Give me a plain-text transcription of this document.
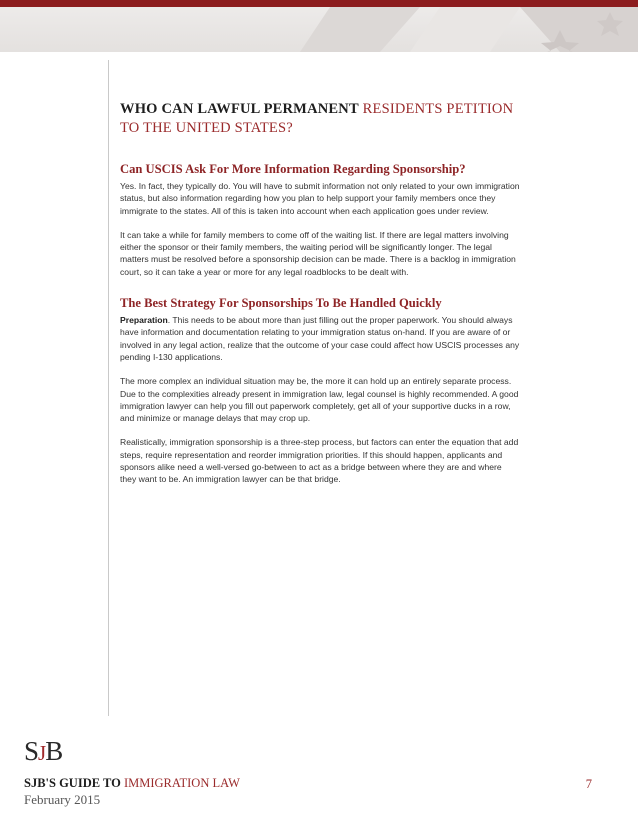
WHO CAN LAWFUL PERMANENT RESIDENTS PETITION TO THE UNITED STATES?
Can USCIS Ask For More Information Regarding Sponsorship?

Yes. In fact, they typically do. You will have to submit information not only related to your own immigration status, but also information regarding how you plan to help support your family members once they immigrate to the states. All of this is taken into account when each application goes under review.

It can take a while for family members to come off of the waiting list. If there are legal matters involving either the sponsor or their family members, the waiting period will be significantly longer. The legal matters must be resolved before a sponsorship decision can be made. There is a backlog in immigration court, so it can take a year or more for any legal roadblocks to be dealt with.

The Best Strategy For Sponsorships To Be Handled Quickly

Preparation. This needs to be about more than just filling out the proper paperwork. You should always have information and documentation relating to your immigration status on-hand. If you are aware of or involved in any legal action, realize that the outcome of your case could affect how USCIS processes any pending I-130 applications.

The more complex an individual situation may be, the more it can hold up an entirely separate process. Due to the complexities already present in immigration law, legal counsel is highly recommended. A good immigration lawyer can help you fill out paperwork completely, get all of your supportive ducks in a row, and minimize or manage delays that may crop up.

Realistically, immigration sponsorship is a three-step process, but factors can enter the equation that add steps, require representation and reorder immigration priorities. If this should happen, applicants and sponsors alike need a well-versed go-between to act as a bridge between where they are and where they want to be. An immigration lawyer can be that bridge.

SJB
SJB'S GUIDE TO IMMIGRATION LAW
February 2015
7
